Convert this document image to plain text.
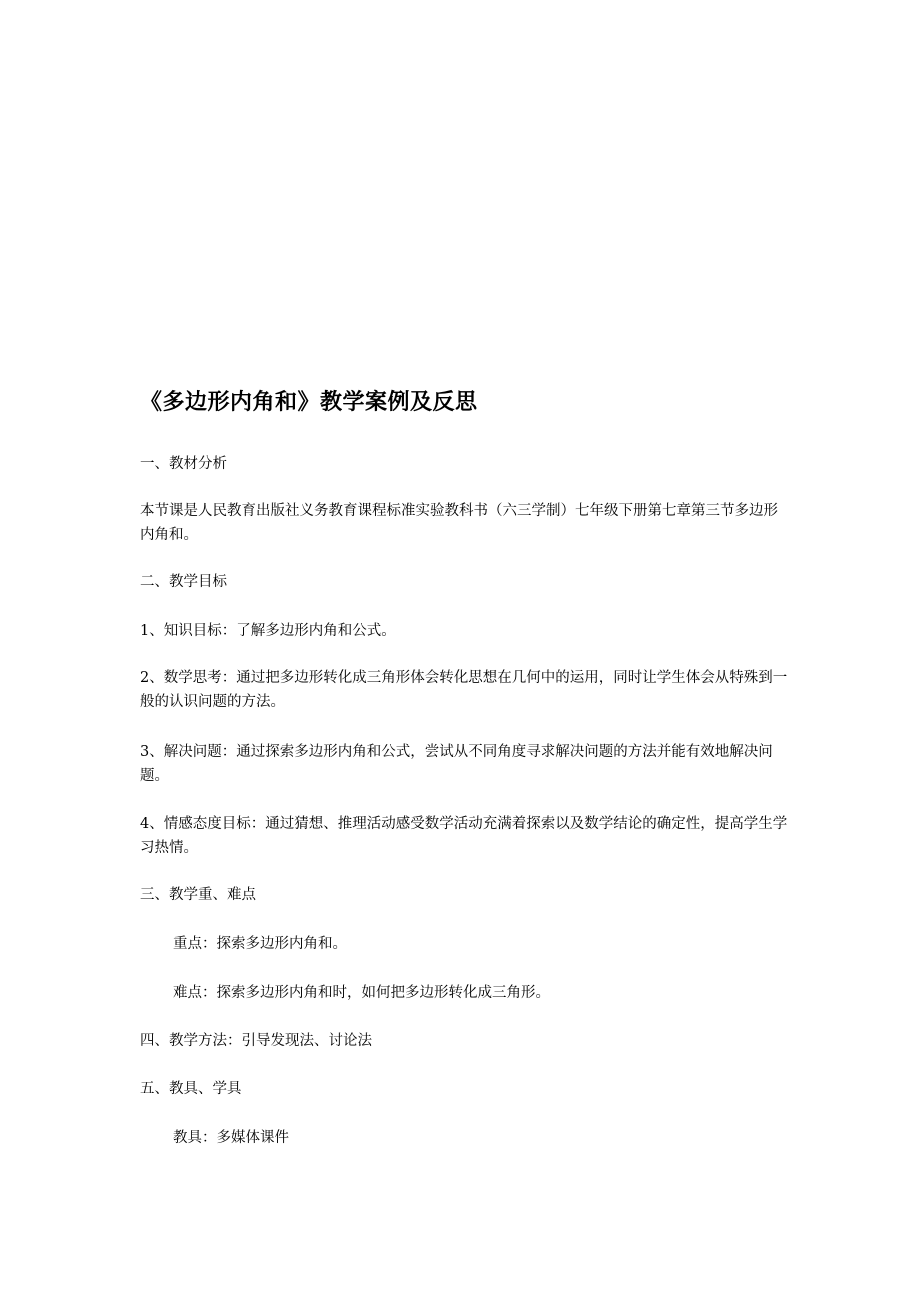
《多边形内角和》教学案例及反思
一、教材分析
本节课是人民教育出版社义务教育课程标准实验教科书（六三学制）七年级下册第七章第三节多边形内角和。
二、教学目标
1、知识目标：了解多边形内角和公式。
2、数学思考：通过把多边形转化成三角形体会转化思想在几何中的运用，同时让学生体会从特殊到一般的认识问题的方法。
3、解决问题：通过探索多边形内角和公式，尝试从不同角度寻求解决问题的方法并能有效地解决问题。
4、情感态度目标：通过猜想、推理活动感受数学活动充满着探索以及数学结论的确定性，提高学生学习热情。
三、教学重、难点
重点：探索多边形内角和。
难点：探索多边形内角和时，如何把多边形转化成三角形。
四、教学方法：引导发现法、讨论法
五、教具、学具
教具：多媒体课件
